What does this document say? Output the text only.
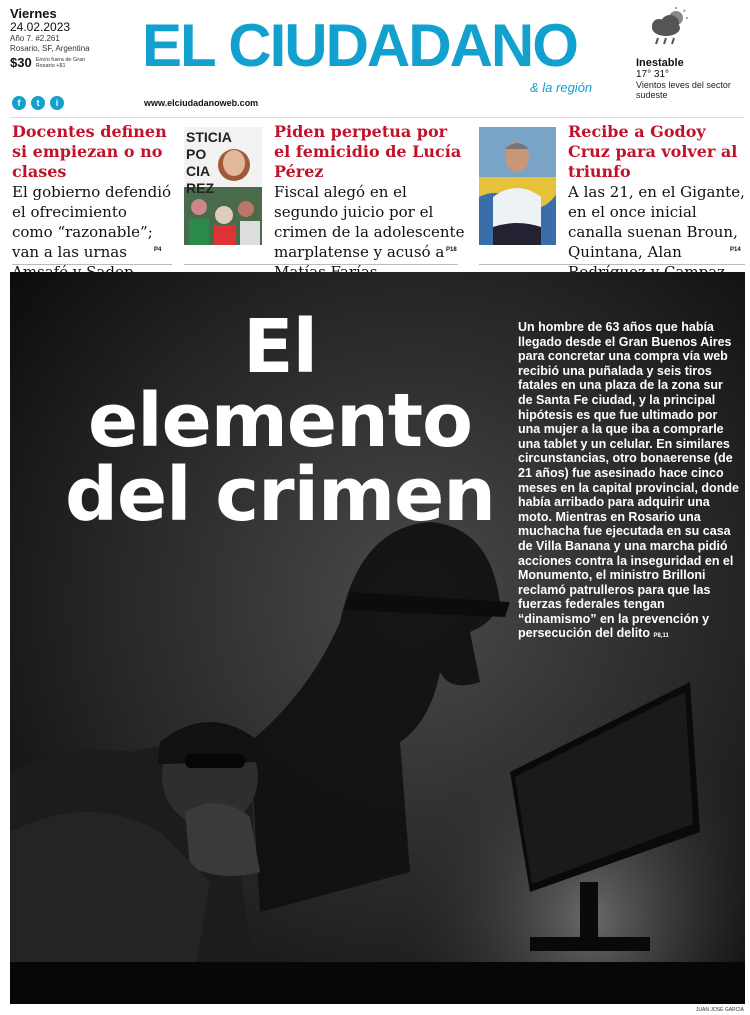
Viernes
24.02.2023
Año 7. #2.261
Rosario, SF, Argentina
$30 Envío fuera de Gran Rosario +$1
f	t	i
EL CIUDADANO
& la región
www.elciudadanoweb.com
Inestable
17° 31°
Vientos leves del sector sudeste
Docentes definen si empiezan o no clases
El gobierno defendió el ofrecimiento como “razonable”; van a las urnas	P4
STICIA PO CIA REZ
Piden perpetua por el femicidio de Lucía Pérez
Fiscal alegó en el segundo juicio por el crimen de la adolescente marplatense y acusó a P18
Recibe a Godoy Cruz para volver al triunfo
A las 21, en el Gigante, en el once inicial canalla suenan Broun, Quintana, Alan	P14
El elemento del crimen
Un hombre de 63 años que había llegado desde el Gran Buenos Aires para concretar una compra vía web recibió una puñalada y seis tiros fatales en una plaza de la zona sur de Santa Fe ciudad, y la principal hipótesis es que fue ultimado por una mujer a la que iba a comprarle una tablet y un celular. En similares circunstancias, otro bonaerense (de 21 años) fue asesinado hace cinco meses en la capital provincial, donde había arribado para adquirir una moto. Mientras en Rosario una muchacha fue ejecutada en su casa de Villa Banana y una marcha pidió acciones contra la inseguridad en el Monumento, el ministro Brilloni reclamó patrulleros para que las fuerzas federales tengan “dinamismo” en la prevención y persecución del delito P8,11
JUAN JOSÉ GARCÍA
